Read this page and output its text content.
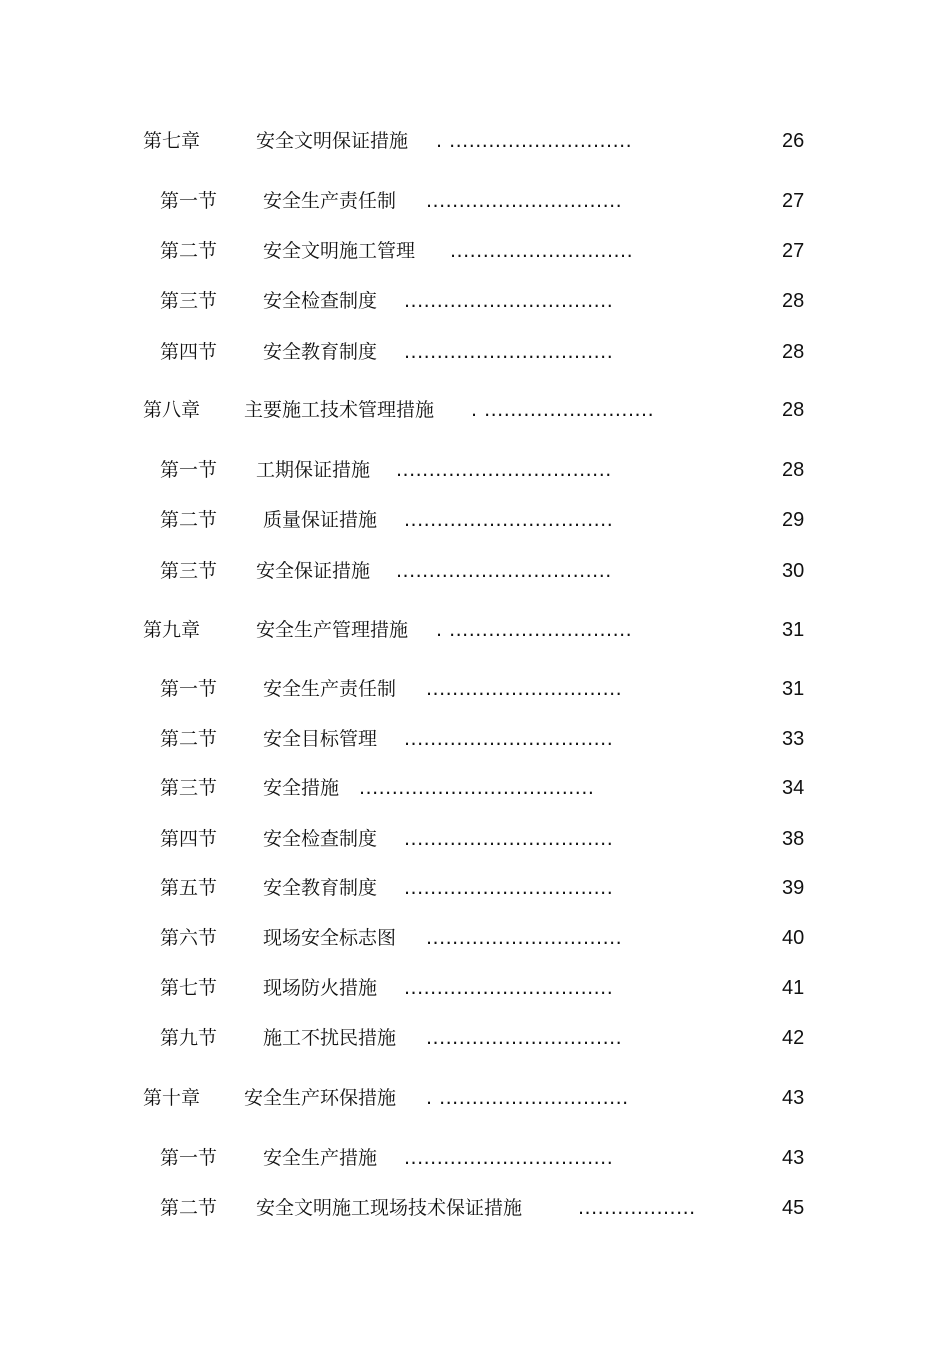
第七章	安全文明保证措施 . ............................	26
第一节 安全生产责任制 ..............................	27
第二节 安全文明施工管理 ............................	27
第三节 安全检查制度 ................................	28
第四节 安全教育制度 ................................	28
第八章 主要施工技术管理措施 . ..........................	28
第一节 工期保证措施 .................................	28
第二节 质量保证措施 ................................	29
第三节 安全保证措施 .................................	30
第九章	安全生产管理措施 . ............................	31
第一节 安全生产责任制 ..............................	31
第二节 安全目标管理 ................................	33
第三节 安全措施 ....................................	34
第四节 安全检查制度 ................................	38
第五节 安全教育制度 ................................	39
第六节 现场安全标志图 ..............................	40
第七节 现场防火措施 ................................	41
第九节 施工不扰民措施 ..............................	42
第十章 安全生产环保措施 . .............................	43
第一节 安全生产措施 ................................	43
第二节 安全文明施工现场技术保证措施	..................	45
